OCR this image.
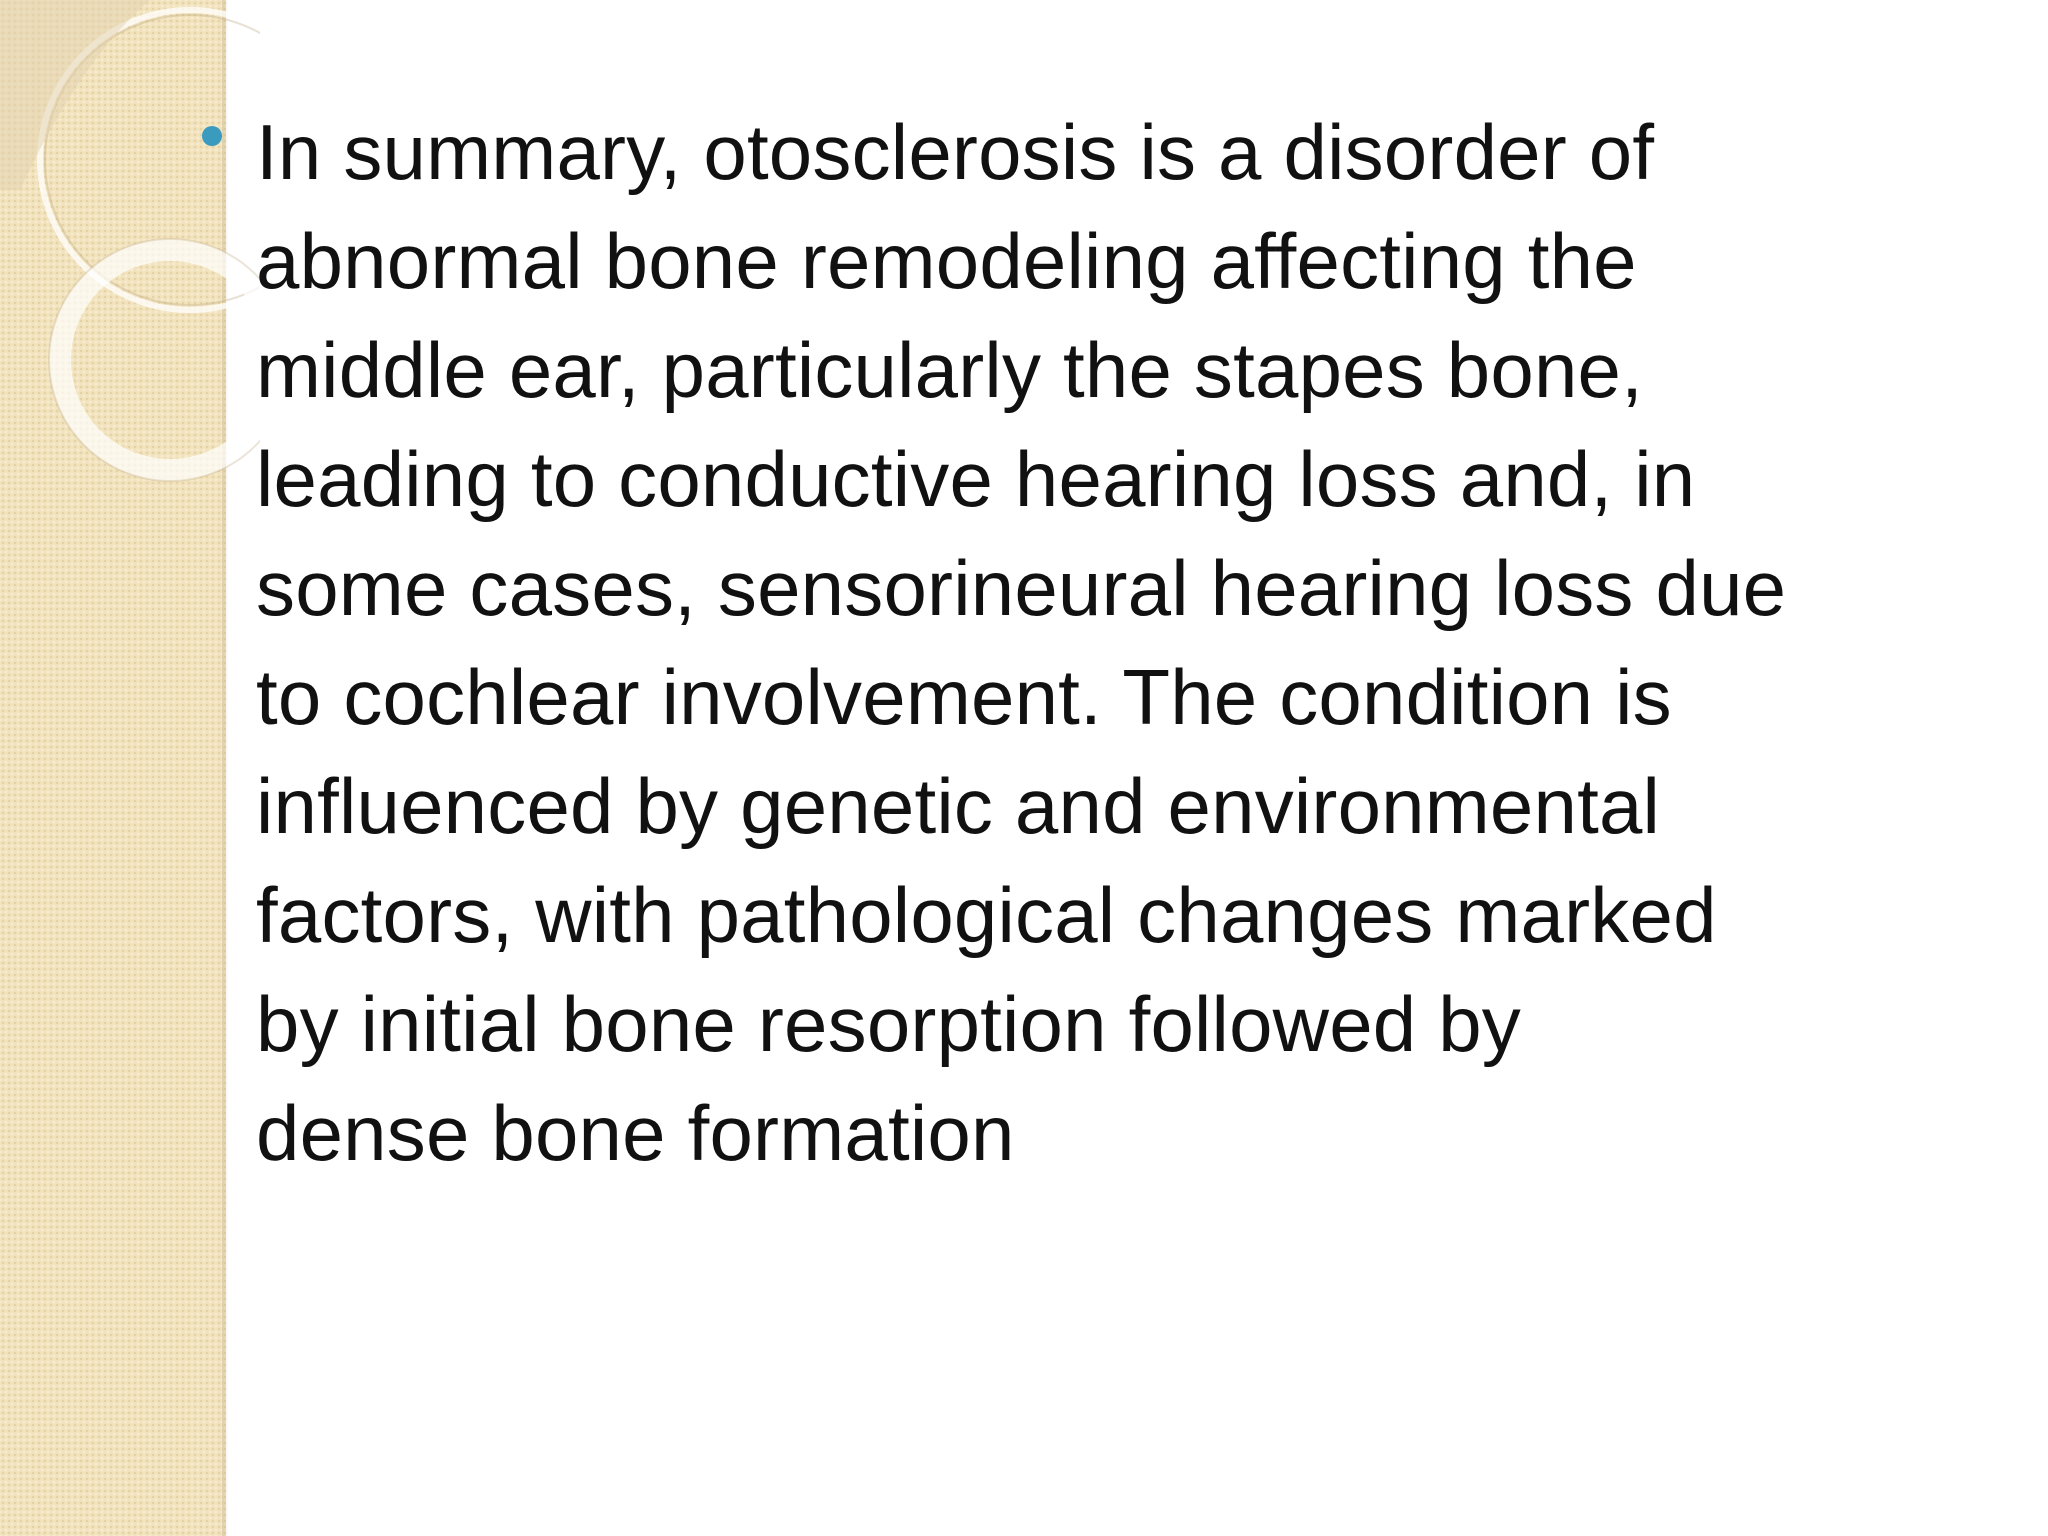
In summary, otosclerosis is a disorder of
abnormal bone remodeling affecting the
middle ear, particularly the stapes bone,
leading to conductive hearing loss and, in
some cases, sensorineural hearing loss due
to cochlear involvement. The condition is
influenced by genetic and environmental
factors, with pathological changes marked
by initial bone resorption followed by
dense bone formation
